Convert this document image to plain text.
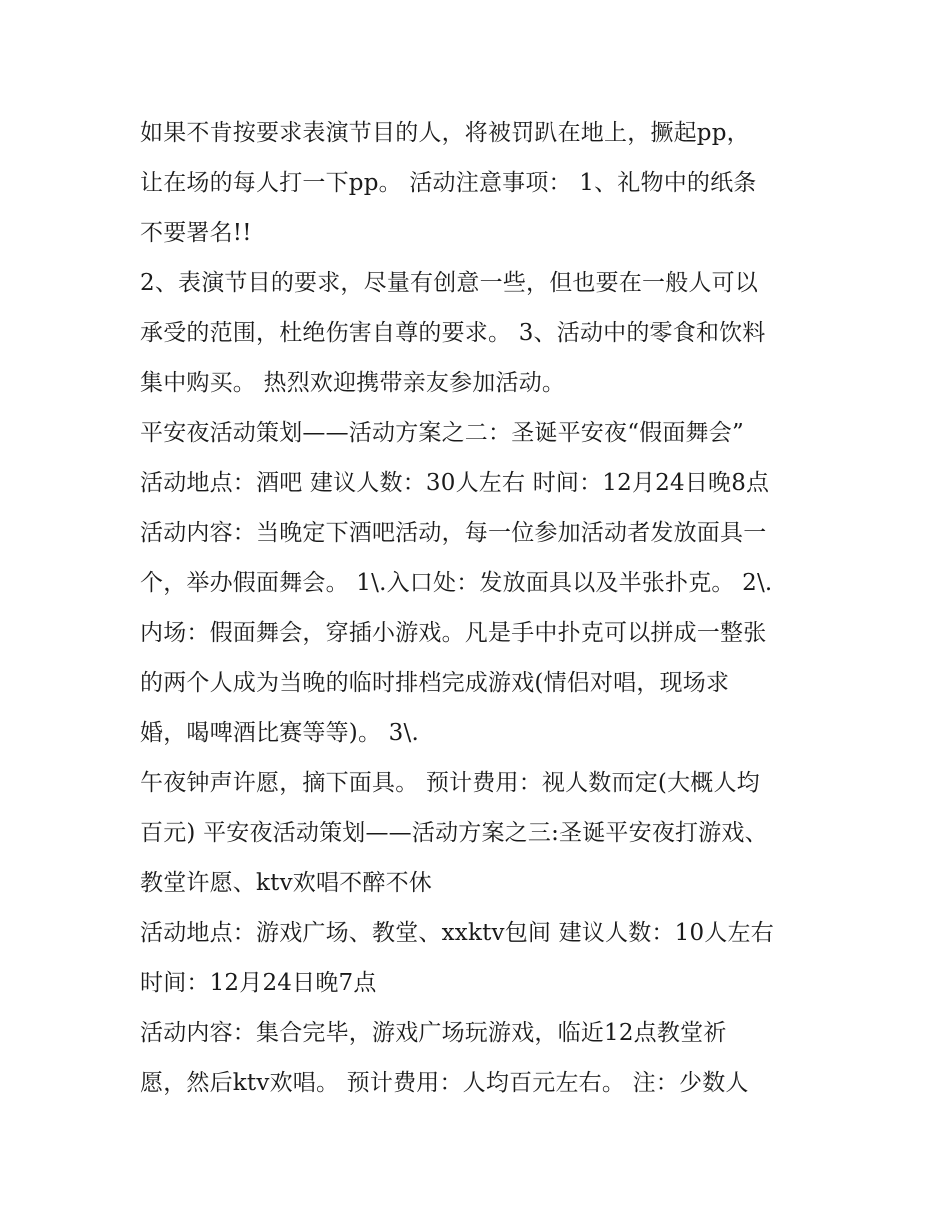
如果不肯按要求表演节目的人，将被罚趴在地上，撅起pp，
让在场的每人打一下pp。 活动注意事项： 1、礼物中的纸条
不要署名!!
2、表演节目的要求，尽量有创意一些，但也要在一般人可以
承受的范围，杜绝伤害自尊的要求。 3、活动中的零食和饮料
集中购买。 热烈欢迎携带亲友参加活动。
平安夜活动策划——活动方案之二：圣诞平安夜“假面舞会”
活动地点：酒吧 建议人数：30人左右 时间：12月24日晚8点
活动内容：当晚定下酒吧活动，每一位参加活动者发放面具一
个，举办假面舞会。 1\.入口处：发放面具以及半张扑克。 2\.
内场：假面舞会，穿插小游戏。凡是手中扑克可以拼成一整张
的两个人成为当晚的临时排档完成游戏(情侣对唱，现场求
婚，喝啤酒比赛等等)。 3\.
午夜钟声许愿，摘下面具。 预计费用：视人数而定(大概人均
百元) 平安夜活动策划——活动方案之三:圣诞平安夜打游戏、
教堂许愿、ktv欢唱不醉不休
活动地点：游戏广场、教堂、xxktv包间 建议人数：10人左右
时间：12月24日晚7点
活动内容：集合完毕，游戏广场玩游戏，临近12点教堂祈
愿，然后ktv欢唱。 预计费用：人均百元左右。 注：少数人
